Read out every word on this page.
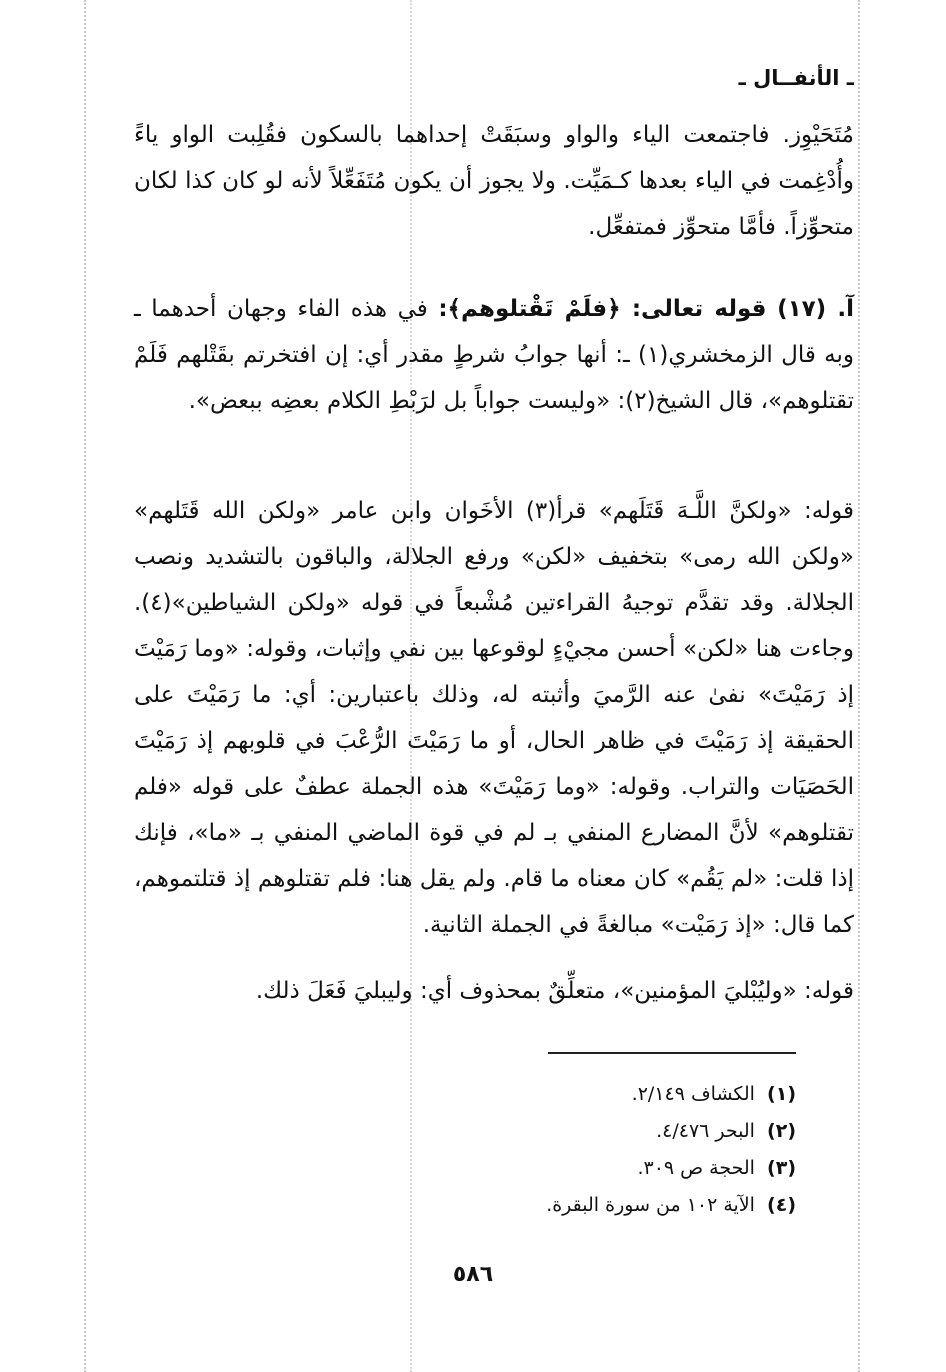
ـ الأنفــال ـ

مُتَحَيْوِز. فاجتمعت الياء والواو وسبَقَتْ إحداهما بالسكون فقُلِبت الواو ياءً وأُدْغِمت في الياء بعدها كـمَيِّت. ولا يجوز أن يكون مُتَفَعِّلاً لأنه لو كان كذا لكان متحوِّزاً. فأمَّا متحوِّز فمتفعِّل.

آ. (١٧) قوله تعالى: ﴿فلَمْ تَقْتلوهم﴾: في هذه الفاء وجهان أحدهما ـ وبه قال الزمخشري(١) ـ: أنها جوابُ شرطٍ مقدر أي: إن افتخرتم بقَتْلهم فَلَمْ تقتلوهم»، قال الشيخ(٢): «وليست جواباً بل لرَبْطِ الكلام بعضِه ببعض».

قوله: «ولكنَّ اللَّـهَ قَتَلَهم» قرأ(٣) الأخَوان وابن عامر «ولكن الله قَتَلهم» «ولكن الله رمى» بتخفيف «لكن» ورفع الجلالة، والباقون بالتشديد ونصب الجلالة. وقد تقدَّم توجيهُ القراءتين مُشْبعاً في قوله «ولكن الشياطين»(٤). وجاءت هنا «لكن» أحسن مجيْءٍ لوقوعها بين نفي وإثبات، وقوله: «وما رَمَيْتَ إذ رَمَيْتَ» نفىٰ عنه الرَّميَ وأثبته له، وذلك باعتبارين: أي: ما رَمَيْتَ على الحقيقة إذ رَمَيْتَ في ظاهر الحال، أو ما رَمَيْتَ الرُّعْبَ في قلوبهم إذ رَمَيْتَ الحَصَيَات والتراب. وقوله: «وما رَمَيْتَ» هذه الجملة عطفٌ على قوله «فلم تقتلوهم» لأنَّ المضارع المنفي بـ لم في قوة الماضي المنفي بـ «ما»، فإنك إذا قلت: «لم يَقُم» كان معناه ما قام. ولم يقل هنا: فلم تقتلوهم إذ قتلتموهم، كما قال: «إذ رَمَيْت» مبالغةً في الجملة الثانية.

قوله: «وليُبْليَ المؤمنين»، متعلِّقٌ بمحذوف أي: وليبليَ فَعَلَ ذلك.

(١) الكشاف ٢/١٤٩.
(٢) البحر ٤/٤٧٦.
(٣) الحجة ص ٣٠٩.
(٤) الآية ١٠٢ من سورة البقرة.
٥٨٦
